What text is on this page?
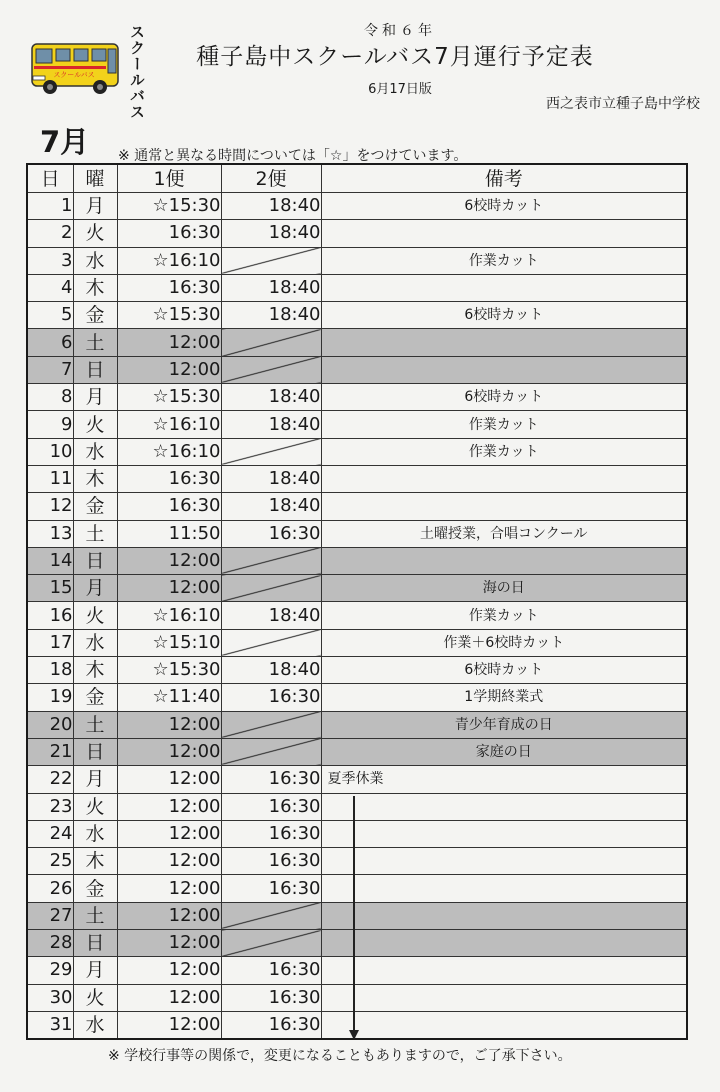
スクールバス スクールバス	令和６年
種子島中スクールバス7月運行予定表
6月17日版
西之表市立種子島中学校
7月 ※ 通常と異なる時間については「☆」をつけています。
日	曜	1便	2便	備考
1	月	☆15:30	18:40	6校時カット
2	火	16:30	18:40	
3	水	☆16:10		作業カット
4	木	16:30	18:40	
5	金	☆15:30	18:40	6校時カット
6	土	12:00		
7	日	12:00		
8	月	☆15:30	18:40	6校時カット
9	火	☆16:10	18:40	作業カット
10	水	☆16:10		作業カット
11	木	16:30	18:40	
12	金	16:30	18:40	
13	土	11:50	16:30	土曜授業，合唱コンクール
14	日	12:00		
15	月	12:00		海の日
16	火	☆16:10	18:40	作業カット
17	水	☆15:10		作業＋6校時カット
18	木	☆15:30	18:40	6校時カット
19	金	☆11:40	16:30	1学期終業式
20	土	12:00		青少年育成の日
21	日	12:00		家庭の日
22	月	12:00	16:30	夏季休業
23	火	12:00	16:30	
24	水	12:00	16:30	
25	木	12:00	16:30	
26	金	12:00	16:30	
27	土	12:00		
28	日	12:00		
29	月	12:00	16:30	
30	火	12:00	16:30	
31	水	12:00	16:30	
※ 学校行事等の関係で，変更になることもありますので，ご了承下さい。
